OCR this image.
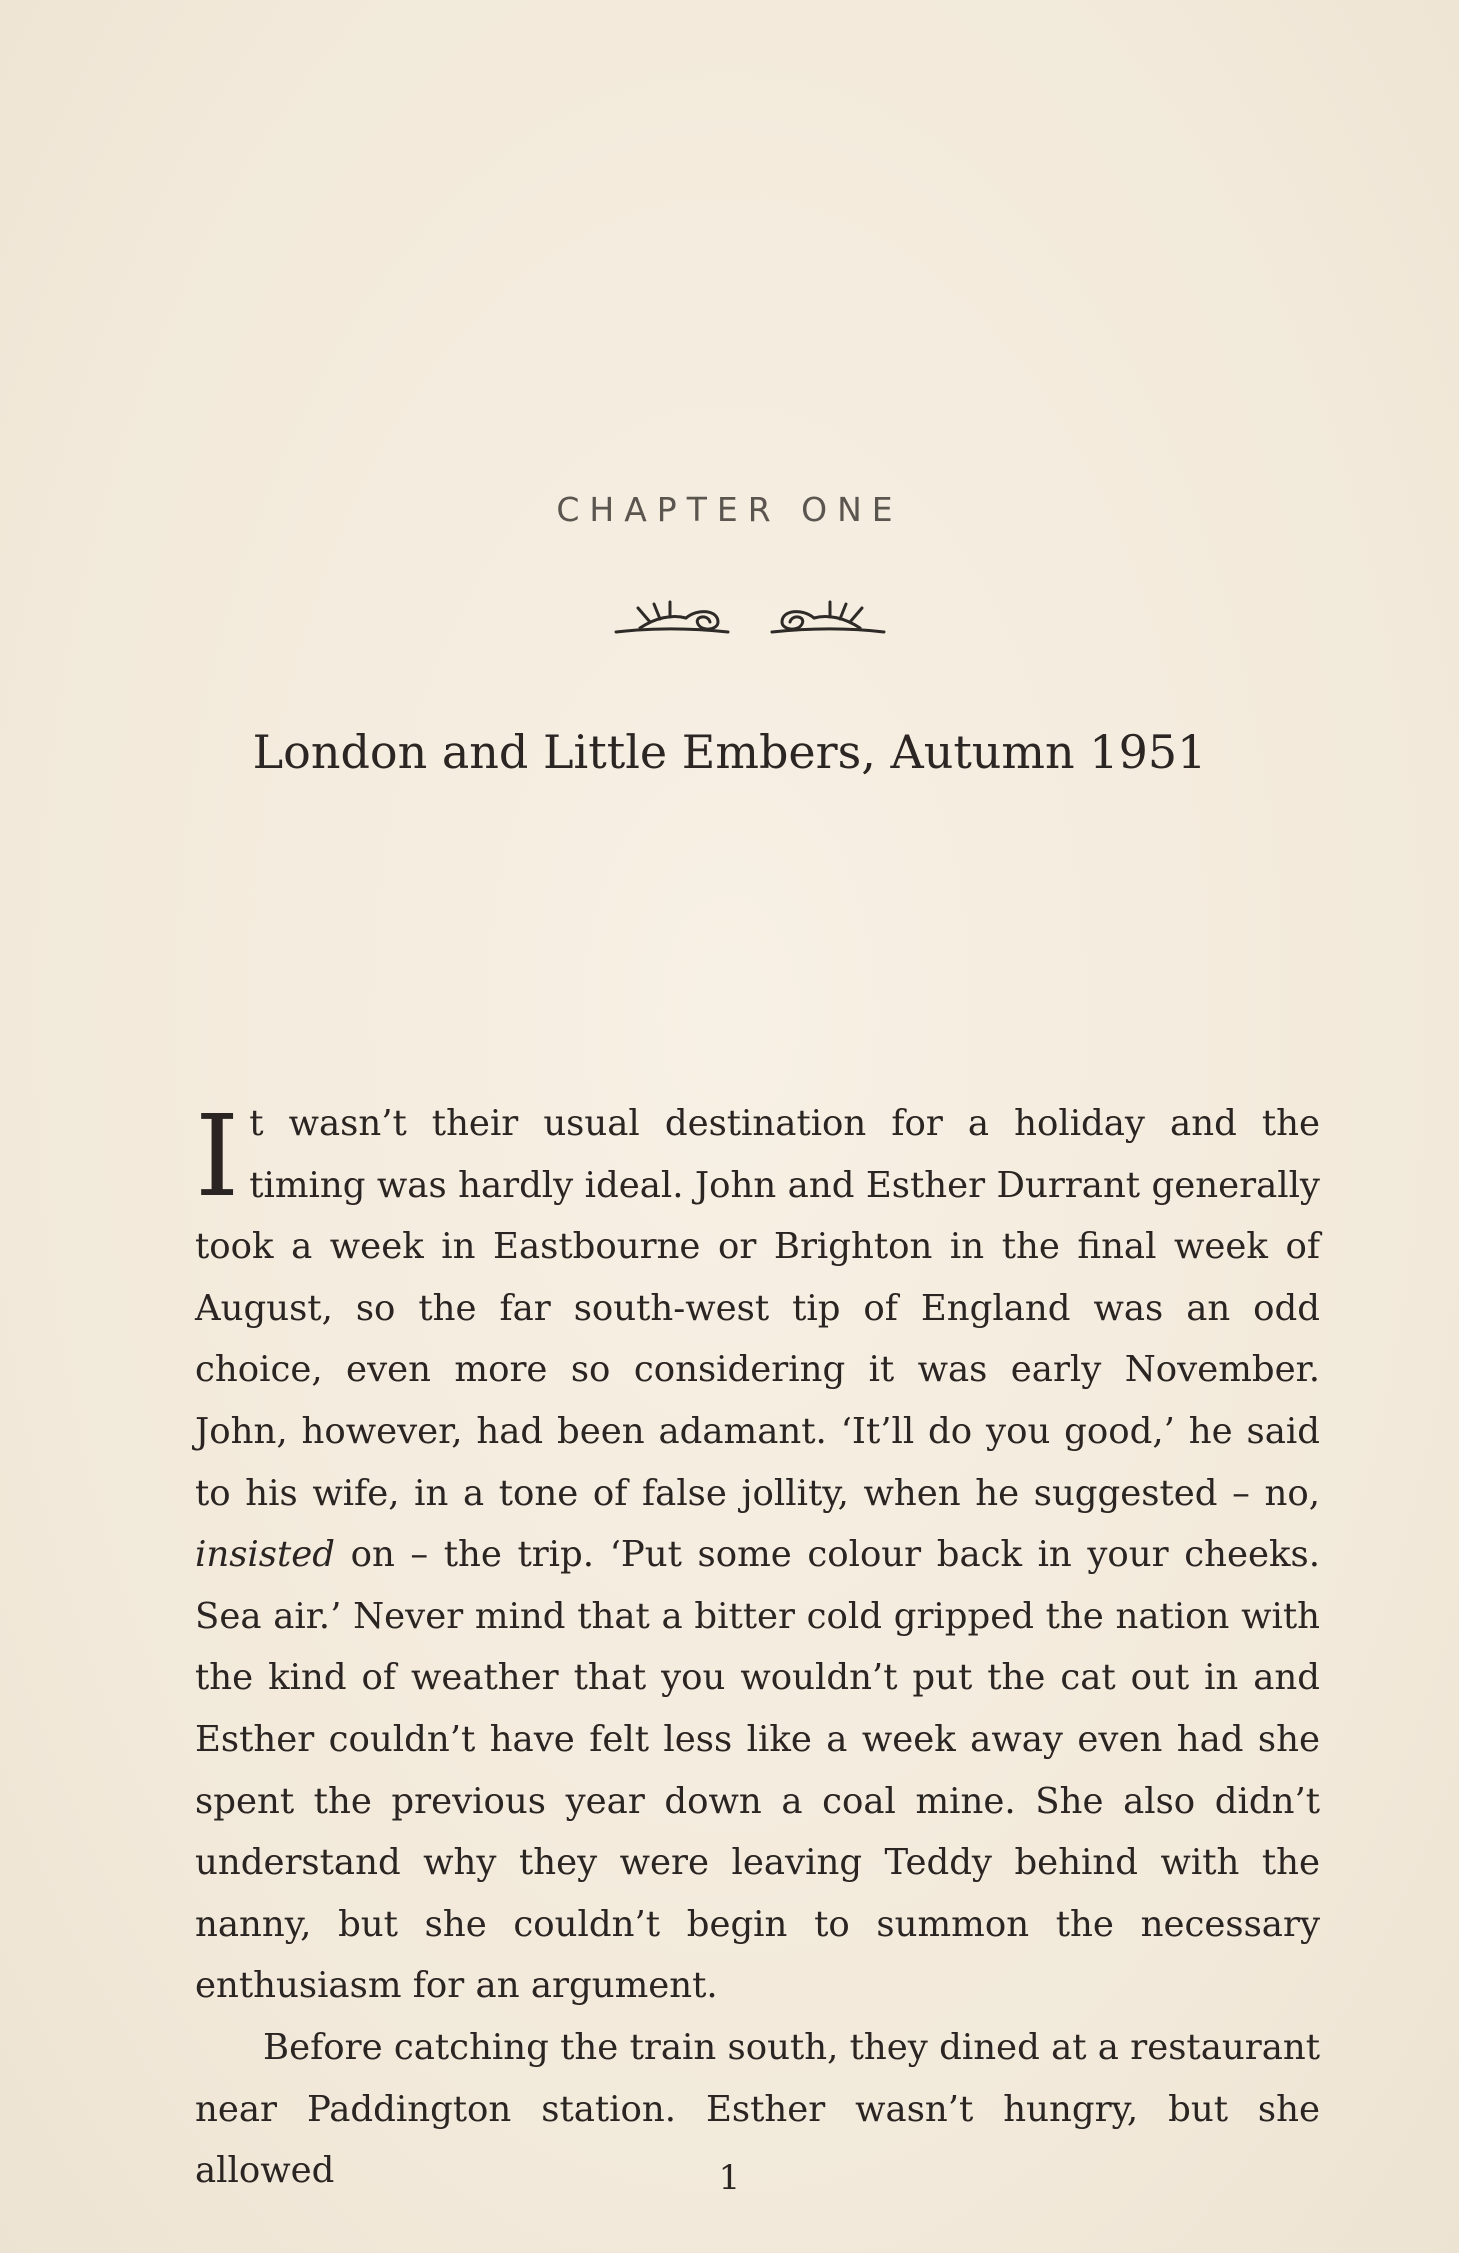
CHAPTER ONE
London and Little Embers, Autumn 1951

It wasn’t their usual destination for a holiday and the timing was hardly ideal. John and Esther Durrant generally took a week in Eastbourne or Brighton in the final week of August, so the far south-west tip of England was an odd choice, even more so considering it was early November. John, however, had been adamant. ‘It’ll do you good,’ he said to his wife, in a tone of false jollity, when he suggested – no, insisted on – the trip. ‘Put some colour back in your cheeks. Sea air.’ Never mind that a bitter cold gripped the nation with the kind of weather that you wouldn’t put the cat out in and Esther couldn’t have felt less like a week away even had she spent the previous year down a coal mine. She also didn’t understand why they were leaving Teddy behind with the nanny, but she couldn’t begin to summon the necessary enthusiasm for an argument.

Before catching the train south, they dined at a restaurant near Paddington station. Esther wasn’t hungry, but she allowed	1
